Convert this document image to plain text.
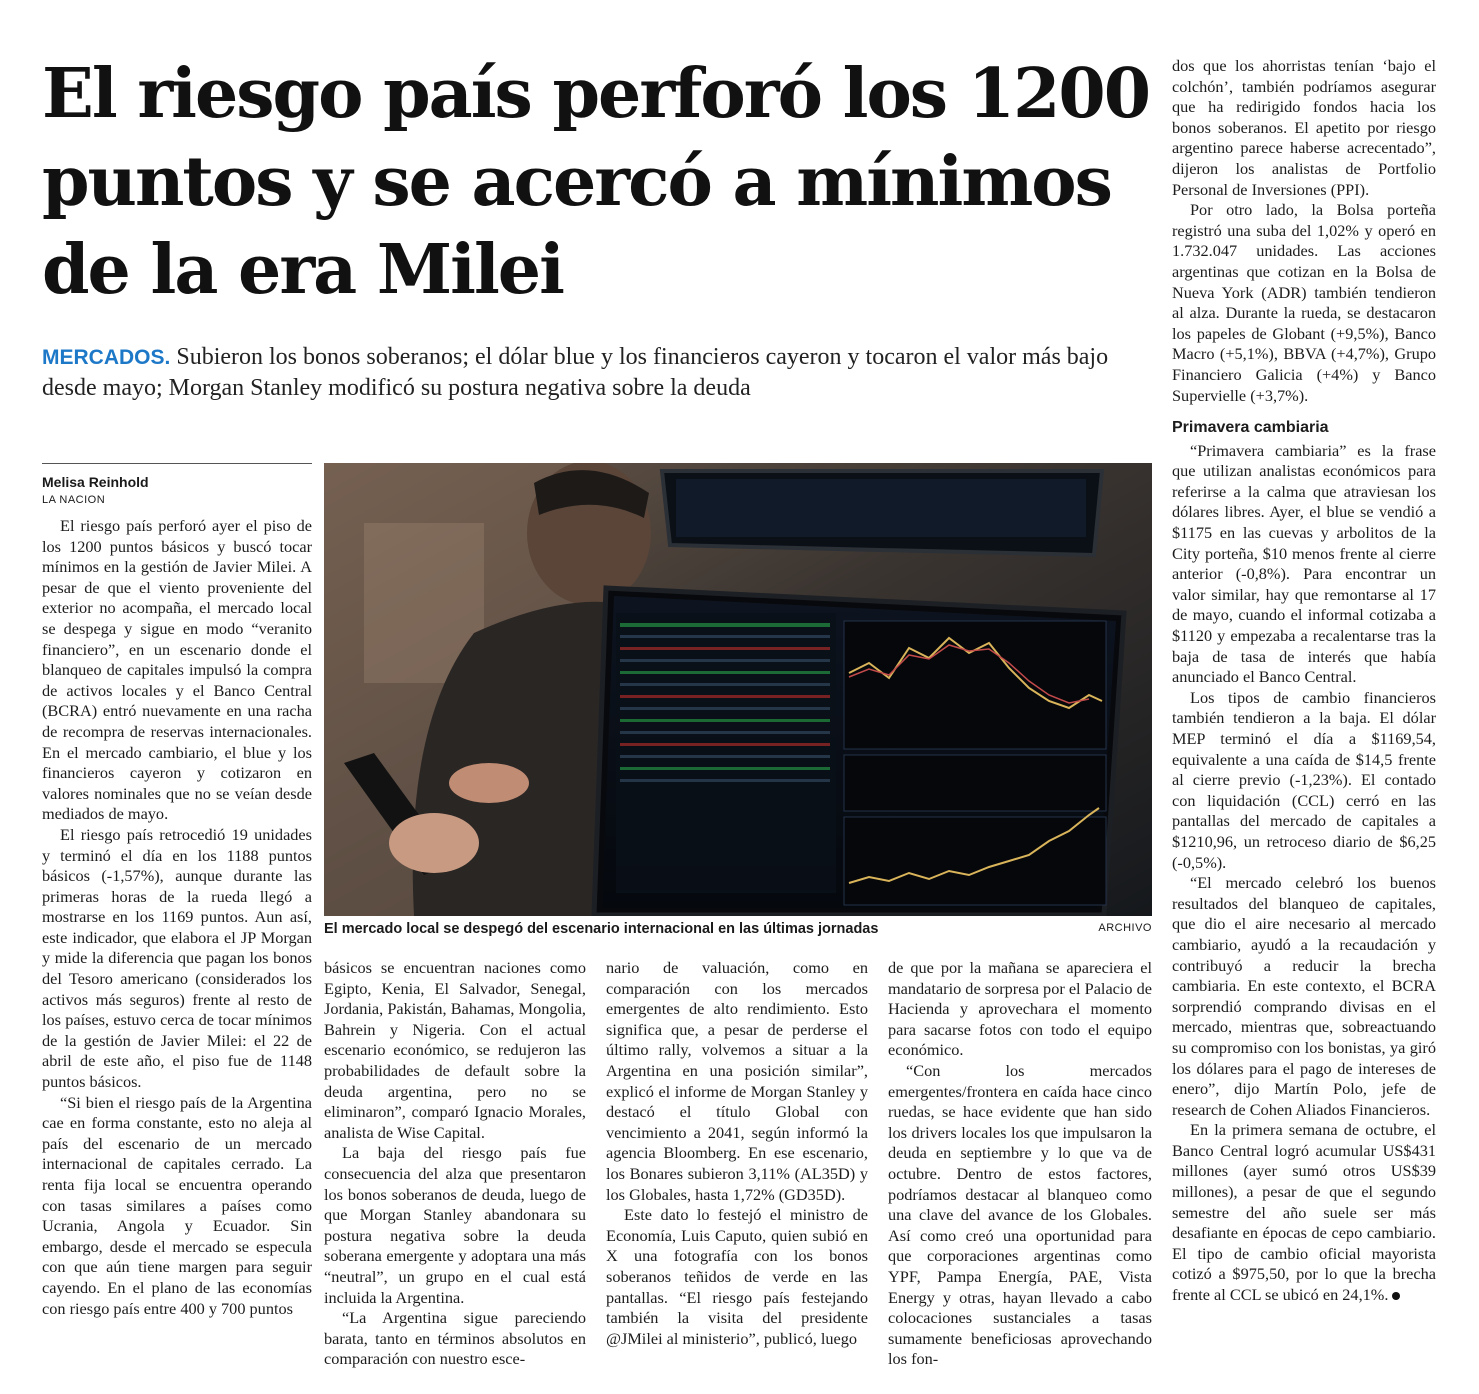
El riesgo país perforó los 1200 puntos y se acercó a mínimos de la era Milei
MERCADOS. Subieron los bonos soberanos; el dólar blue y los financieros cayeron y tocaron el valor más bajo desde mayo; Morgan Stanley modificó su postura negativa sobre la deuda
Melisa Reinhold
LA NACION

El riesgo país perforó ayer el piso de los 1200 puntos básicos y buscó tocar mínimos en la gestión de Javier Milei. A pesar de que el viento proveniente del exterior no acompaña, el mercado local se despega y sigue en modo “veranito financiero”, en un escenario donde el blanqueo de capitales impulsó la compra de activos locales y el Banco Central (BCRA) entró nuevamente en una racha de recompra de reservas internacionales. En el mercado cambiario, el blue y los financieros cayeron y cotizaron en valores nominales que no se veían desde mediados de mayo.

El riesgo país retrocedió 19 unidades y terminó el día en los 1188 puntos básicos (-1,57%), aunque durante las primeras horas de la rueda llegó a mostrarse en los 1169 puntos. Aun así, este indicador, que elabora el JP Morgan y mide la diferencia que pagan los bonos del Tesoro americano (considerados los activos más seguros) frente al resto de los países, estuvo cerca de tocar mínimos de la gestión de Javier Milei: el 22 de abril de este año, el piso fue de 1148 puntos básicos.

“Si bien el riesgo país de la Argentina cae en forma constante, esto no aleja al país del escenario de un mercado internacional de capitales cerrado. La renta fija local se encuentra operando con tasas similares a países como Ucrania, Angola y Ecuador. Sin embargo, desde el mercado se especula con que aún tiene margen para seguir cayendo. En el plano de las economías con riesgo país entre 400 y 700 puntos

El mercado local se despegó del escenario internacional en las últimas jornadas	ARCHIVO

básicos se encuentran naciones como Egipto, Kenia, El Salvador, Senegal, Jordania, Pakistán, Bahamas, Mongolia, Bahrein y Nigeria. Con el actual escenario económico, se redujeron las probabilidades de default sobre la deuda argentina, pero no se eliminaron”, comparó Ignacio Morales, analista de Wise Capital.

La baja del riesgo país fue consecuencia del alza que presentaron los bonos soberanos de deuda, luego de que Morgan Stanley abandonara su postura negativa sobre la deuda soberana emergente y adoptara una más “neutral”, un grupo en el cual está incluida la Argentina.

“La Argentina sigue pareciendo barata, tanto en términos absolutos en comparación con nuestro esce-

nario de valuación, como en comparación con los mercados emergentes de alto rendimiento. Esto significa que, a pesar de perderse el último rally, volvemos a situar a la Argentina en una posición similar”, explicó el informe de Morgan Stanley y destacó el título Global con vencimiento a 2041, según informó la agencia Bloomberg. En ese escenario, los Bonares subieron 3,11% (AL35D) y los Globales, hasta 1,72% (GD35D).

Este dato lo festejó el ministro de Economía, Luis Caputo, quien subió en X una fotografía con los bonos soberanos teñidos de verde en las pantallas. “El riesgo país festejando también la visita del presidente @JMilei al ministerio”, publicó, luego

de que por la mañana se apareciera el mandatario de sorpresa por el Palacio de Hacienda y aprovechara el momento para sacarse fotos con todo el equipo económico.

“Con los mercados emergentes/frontera en caída hace cinco ruedas, se hace evidente que han sido los drivers locales los que impulsaron la deuda en septiembre y lo que va de octubre. Dentro de estos factores, podríamos destacar al blanqueo como una clave del avance de los Globales. Así como creó una oportunidad para que corporaciones argentinas como YPF, Pampa Energía, PAE, Vista Energy y otras, hayan llevado a cabo colocaciones sustanciales a tasas sumamente beneficiosas aprovechando los fon-

dos que los ahorristas tenían ‘bajo el colchón’, también podríamos asegurar que ha redirigido fondos hacia los bonos soberanos. El apetito por riesgo argentino parece haberse acrecentado”, dijeron los analistas de Portfolio Personal de Inversiones (PPI).

Por otro lado, la Bolsa porteña registró una suba del 1,02% y operó en 1.732.047 unidades. Las acciones argentinas que cotizan en la Bolsa de Nueva York (ADR) también tendieron al alza. Durante la rueda, se destacaron los papeles de Globant (+9,5%), Banco Macro (+5,1%), BBVA (+4,7%), Grupo Financiero Galicia (+4%) y Banco Supervielle (+3,7%).

Primavera cambiaria

“Primavera cambiaria” es la frase que utilizan analistas económicos para referirse a la calma que atraviesan los dólares libres. Ayer, el blue se vendió a $1175 en las cuevas y arbolitos de la City porteña, $10 menos frente al cierre anterior (-0,8%). Para encontrar un valor similar, hay que remontarse al 17 de mayo, cuando el informal cotizaba a $1120 y empezaba a recalentarse tras la baja de tasa de interés que había anunciado el Banco Central.

Los tipos de cambio financieros también tendieron a la baja. El dólar MEP terminó el día a $1169,54, equivalente a una caída de $14,5 frente al cierre previo (-1,23%). El contado con liquidación (CCL) cerró en las pantallas del mercado de capitales a $1210,96, un retroceso diario de $6,25 (-0,5%).

“El mercado celebró los buenos resultados del blanqueo de capitales, que dio el aire necesario al mercado cambiario, ayudó a la recaudación y contribuyó a reducir la brecha cambiaria. En este contexto, el BCRA sorprendió comprando divisas en el mercado, mientras que, sobreactuando su compromiso con los bonistas, ya giró los dólares para el pago de intereses de enero”, dijo Martín Polo, jefe de research de Cohen Aliados Financieros.

En la primera semana de octubre, el Banco Central logró acumular US$431 millones (ayer sumó otros US$39 millones), a pesar de que el segundo semestre del año suele ser más desafiante en épocas de cepo cambiario. El tipo de cambio oficial mayorista cotizó a $975,50, por lo que la brecha frente al CCL se ubicó en 24,1%.
